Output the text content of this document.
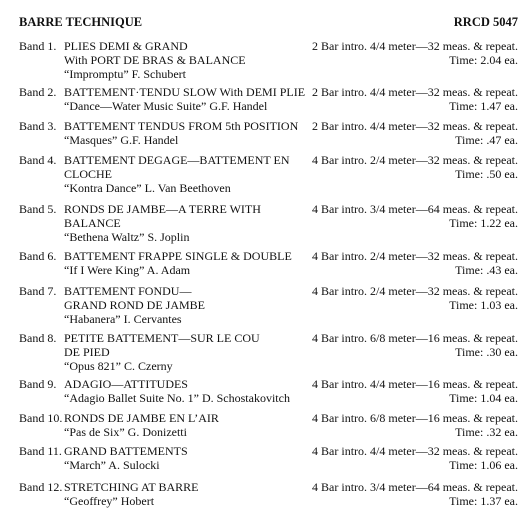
BARRE TECHNIQUE	RRCD 5047
Band 1. PLIES DEMI & GRAND
With PORT DE BRAS & BALANCE
“Impromptu” F. Schubert
2 Bar intro. 4/4 meter—32 meas. & repeat.
Time: 2.04 ea.
Band 2. BATTEMENT·TENDU SLOW With DEMI PLIE
“Dance—Water Music Suite” G.F. Handel
2 Bar intro. 4/4 meter—32 meas. & repeat.
Time: 1.47 ea.
Band 3. BATTEMENT TENDUS FROM 5th POSITION
“Masques” G.F. Handel
2 Bar intro. 4/4 meter—32 meas. & repeat.
Time: .47 ea.
Band 4. BATTEMENT DEGAGE—BATTEMENT EN
CLOCHE
“Kontra Dance” L. Van Beethoven
4 Bar intro. 2/4 meter—32 meas. & repeat.
Time: .50 ea.
Band 5. RONDS DE JAMBE—A TERRE WITH
BALANCE
“Bethena Waltz” S. Joplin
4 Bar intro. 3/4 meter—64 meas. & repeat.
Time: 1.22 ea.
Band 6. BATTEMENT FRAPPE SINGLE & DOUBLE
“If I Were King” A. Adam
4 Bar intro. 2/4 meter—32 meas. & repeat.
Time: .43 ea.
Band 7. BATTEMENT FONDU—
GRAND ROND DE JAMBE
“Habanera” I. Cervantes
4 Bar intro. 2/4 meter—32 meas. & repeat.
Time: 1.03 ea.
Band 8. PETITE BATTEMENT—SUR LE COU
DE PIED
“Opus 821” C. Czerny
4 Bar intro. 6/8 meter—16 meas. & repeat.
Time: .30 ea.
Band 9. ADAGIO—ATTITUDES
“Adagio Ballet Suite No. 1” D. Schostakovitch
4 Bar intro. 4/4 meter—16 meas. & repeat.
Time: 1.04 ea.
Band 10. RONDS DE JAMBE EN L’AIR
“Pas de Six” G. Donizetti
4 Bar intro. 6/8 meter—16 meas. & repeat.
Time: .32 ea.
Band 11. GRAND BATTEMENTS
“March” A. Sulocki
4 Bar intro. 4/4 meter—32 meas. & repeat.
Time: 1.06 ea.
Band 12. STRETCHING AT BARRE
“Geoffrey” Hobert
4 Bar intro. 3/4 meter—64 meas. & repeat.
Time: 1.37 ea.
